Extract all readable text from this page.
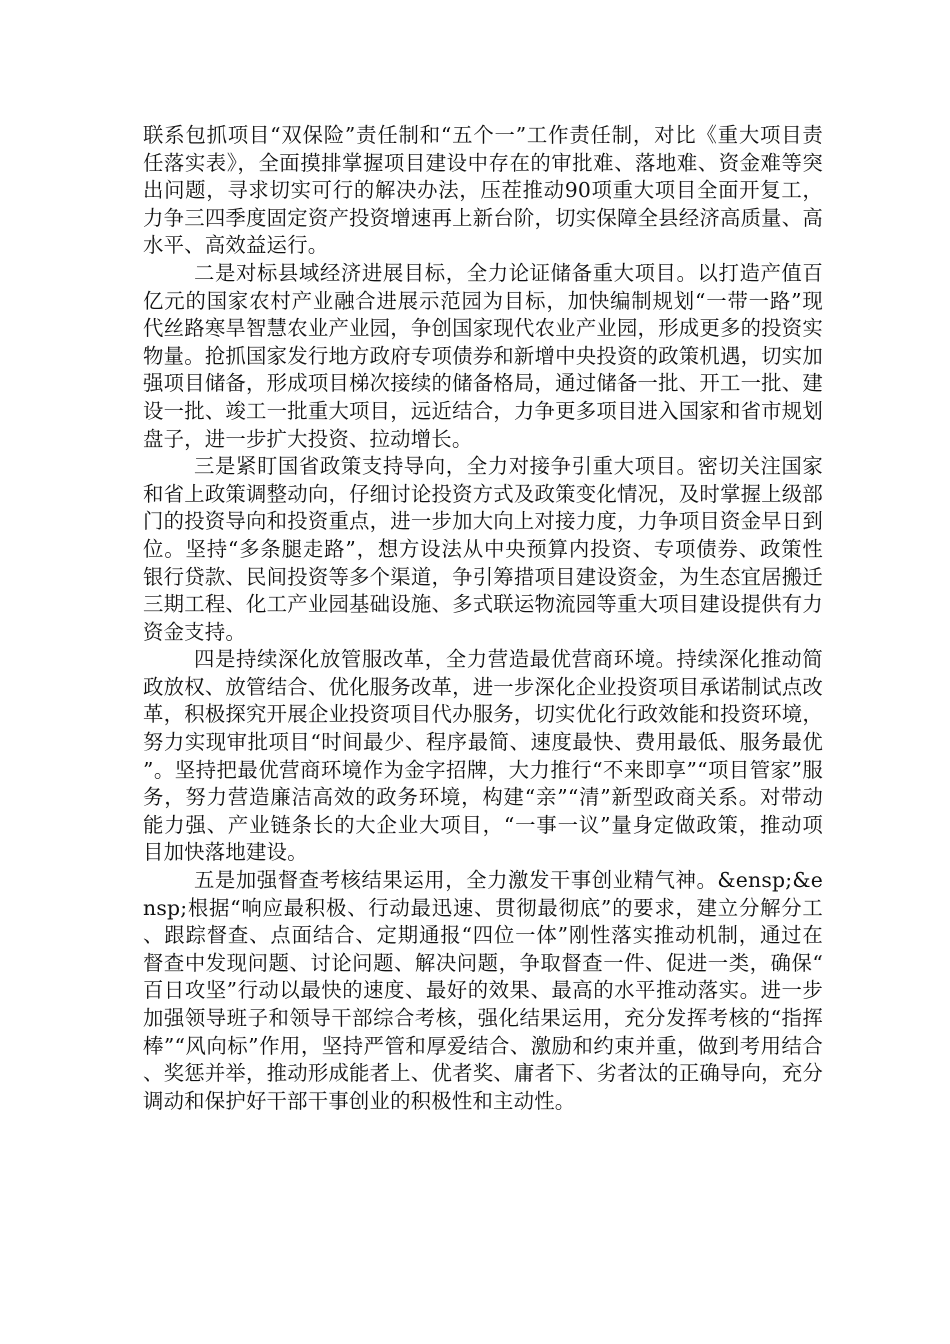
联系包抓项目“双保险”责任制和“五个一”工作责任制，对比《重大项目责任落实表》，全面摸排掌握项目建设中存在的审批难、落地难、资金难等突出问题，寻求切实可行的解决办法，压茬推动90项重大项目全面开复工，力争三四季度固定资产投资增速再上新台阶，切实保障全县经济高质量、高水平、高效益运行。

二是对标县域经济进展目标，全力论证储备重大项目。以打造产值百亿元的国家农村产业融合进展示范园为目标，加快编制规划“一带一路”现代丝路寒旱智慧农业产业园，争创国家现代农业产业园，形成更多的投资实物量。抢抓国家发行地方政府专项债券和新增中央投资的政策机遇，切实加强项目储备，形成项目梯次接续的储备格局，通过储备一批、开工一批、建设一批、竣工一批重大项目，远近结合，力争更多项目进入国家和省市规划盘子，进一步扩大投资、拉动增长。

三是紧盯国省政策支持导向，全力对接争引重大项目。密切关注国家和省上政策调整动向，仔细讨论投资方式及政策变化情况，及时掌握上级部门的投资导向和投资重点，进一步加大向上对接力度，力争项目资金早日到位。坚持“多条腿走路”，想方设法从中央预算内投资、专项债券、政策性银行贷款、民间投资等多个渠道，争引筹措项目建设资金，为生态宜居搬迁三期工程、化工产业园基础设施、多式联运物流园等重大项目建设提供有力资金支持。

四是持续深化放管服改革，全力营造最优营商环境。持续深化推动简政放权、放管结合、优化服务改革，进一步深化企业投资项目承诺制试点改革，积极探究开展企业投资项目代办服务，切实优化行政效能和投资环境，努力实现审批项目“时间最少、程序最简、速度最快、费用最低、服务最优”。坚持把最优营商环境作为金字招牌，大力推行“不来即享”“项目管家”服务，努力营造廉洁高效的政务环境，构建“亲”“清”新型政商关系。对带动能力强、产业链条长的大企业大项目，“一事一议”量身定做政策，推动项目加快落地建设。

五是加强督查考核结果运用，全力激发干事创业精气神。&ensp;&ensp;根据“响应最积极、行动最迅速、贯彻最彻底”的要求，建立分解分工、跟踪督查、点面结合、定期通报“四位一体”刚性落实推动机制，通过在督查中发现问题、讨论问题、解决问题，争取督查一件、促进一类，确保“百日攻坚”行动以最快的速度、最好的效果、最高的水平推动落实。进一步加强领导班子和领导干部综合考核，强化结果运用，充分发挥考核的“指挥棒”“风向标”作用，坚持严管和厚爱结合、激励和约束并重，做到考用结合、奖惩并举，推动形成能者上、优者奖、庸者下、劣者汰的正确导向，充分调动和保护好干部干事创业的积极性和主动性。
